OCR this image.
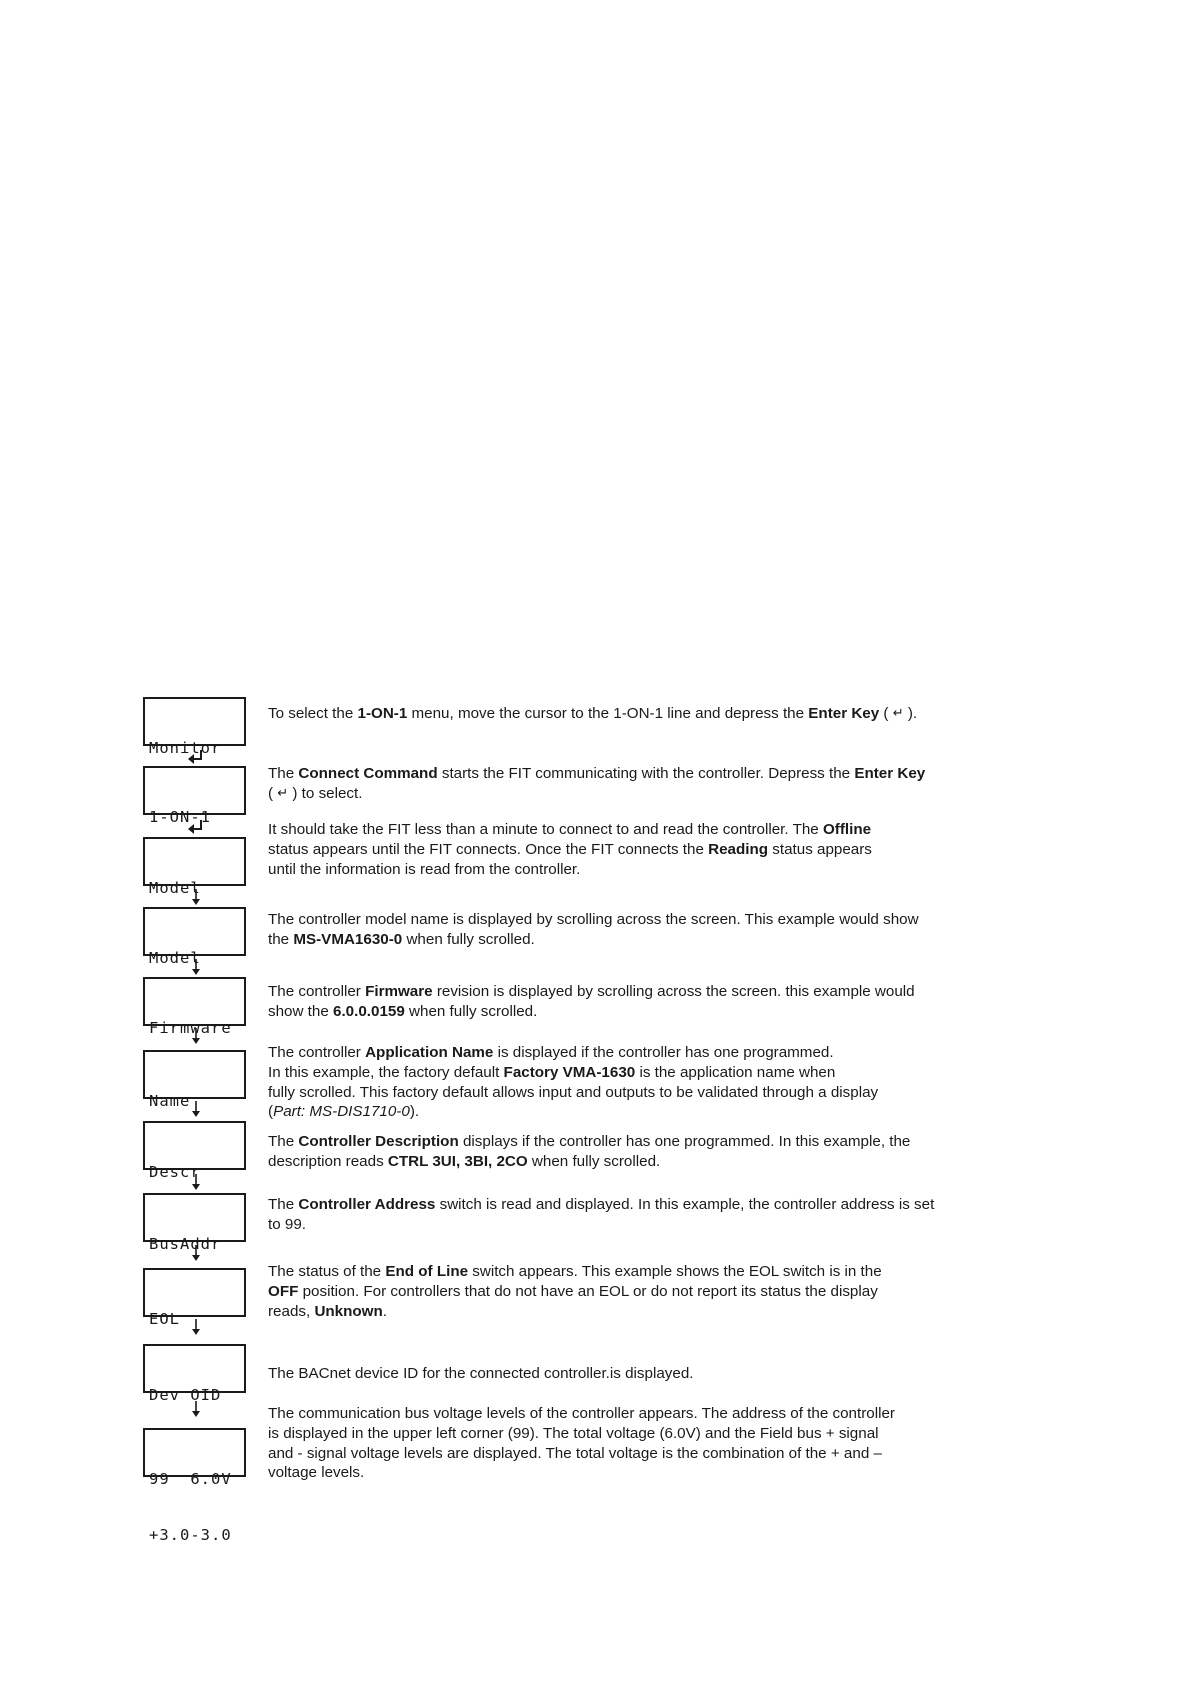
Monitor

To select the 1-ON-1 menu, move the cursor to the 1-ON-1 line and depress the Enter Key ( ↵ ).

1-ON-1

The Connect Command starts the FIT communicating with the controller. Depress the Enter Key
( ↵ ) to select.

Model

It should take the FIT less than a minute to connect to and read the controller. The Offline
status appears until the FIT connects. Once the FIT connects the Reading status appears
until the information is read from the controller.

Model

The controller model name is displayed by scrolling across the screen. This example would show
the MS-VMA1630-0 when fully scrolled.

Firmware

The controller Firmware revision is displayed by scrolling across the screen. this example would
show the 6.0.0.0159 when fully scrolled.

Name

The controller Application Name is displayed if the controller has one programmed.
In this example, the factory default Factory VMA-1630 is the application name when
fully scrolled. This factory default allows input and outputs to be validated through a display
(Part: MS-DIS1710-0).

Descr

The Controller Description displays if the controller has one programmed. In this example, the
description reads CTRL 3UI, 3BI, 2CO when fully scrolled.

BusAddr

The Controller Address switch is read and displayed. In this example, the controller address is set
to 99.

EOL

The status of the End of Line switch appears. This example shows the EOL switch is in the
OFF position. For controllers that do not have an EOL or do not report its status the display
reads, Unknown.

Dev OID

The BACnet device ID for the connected controller.is displayed.

99  6.0V

+3.0-3.0

The communication bus voltage levels of the controller appears. The address of the controller
is displayed in the upper left corner (99). The total voltage (6.0V) and the Field bus + signal
and - signal voltage levels are displayed. The total voltage is the combination of the + and –
voltage levels.
